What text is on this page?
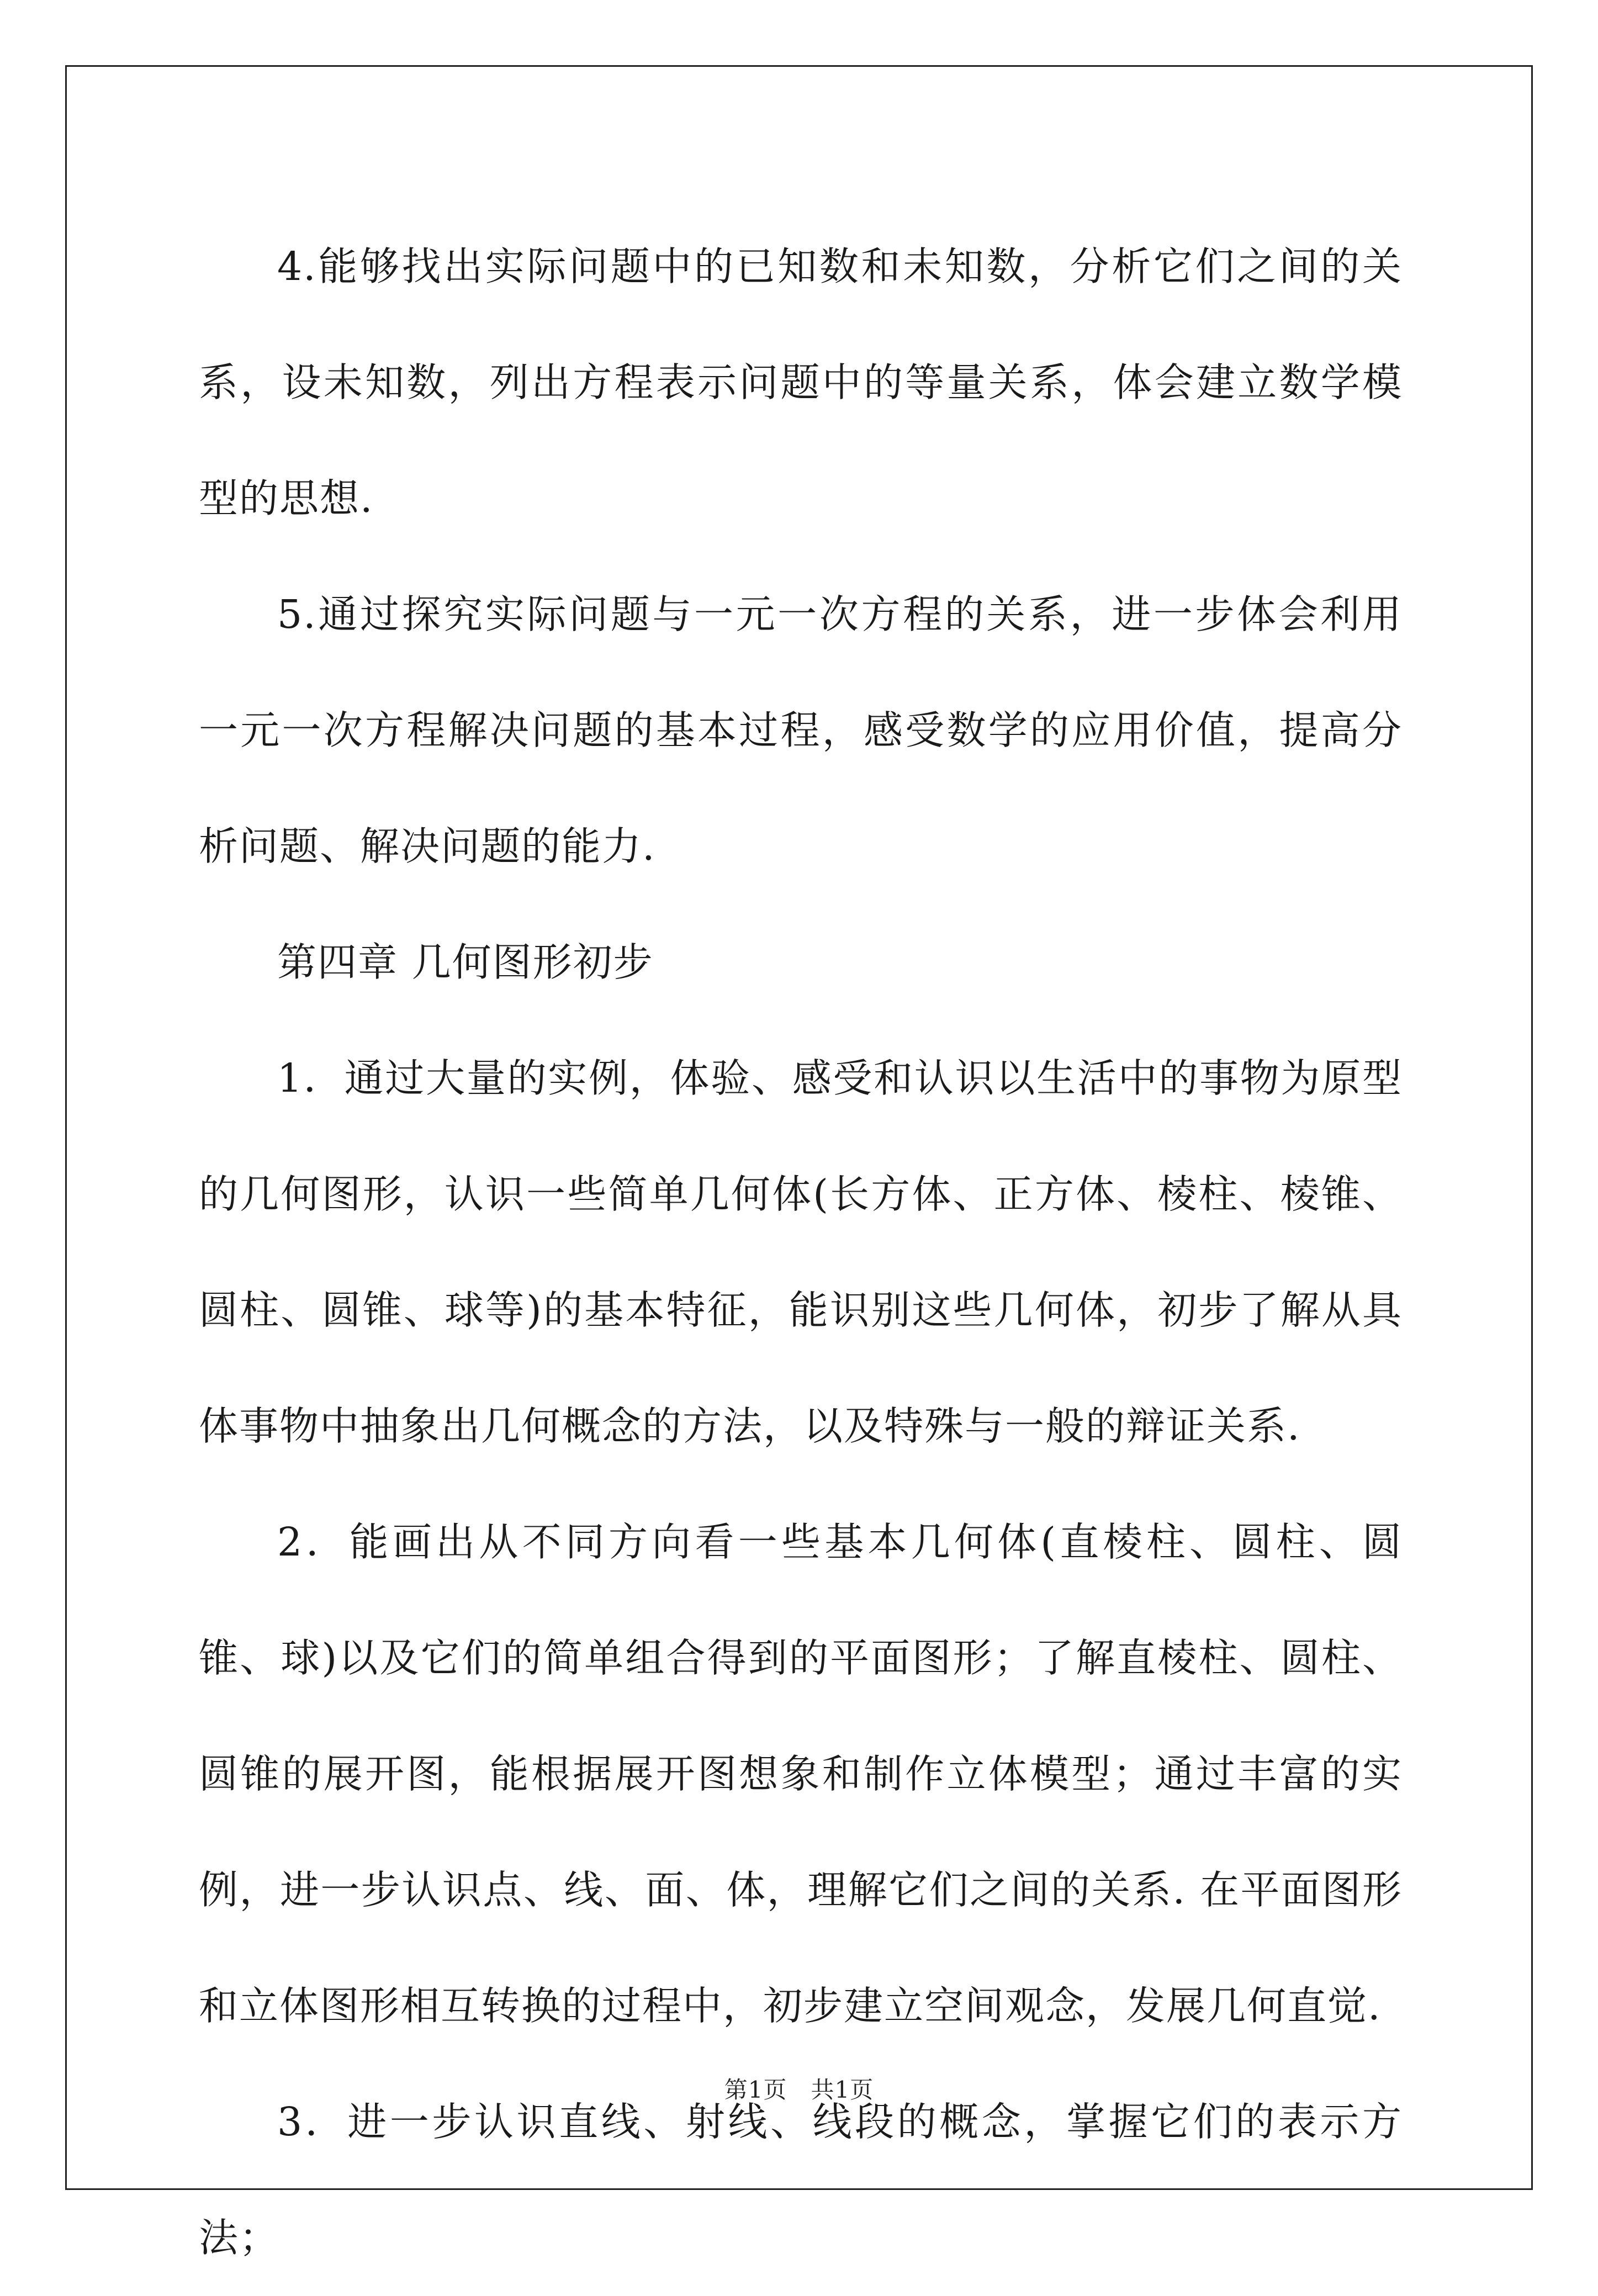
4.能够找出实际问题中的已知数和未知数，分析它们之间的关系，设未知数，列出方程表示问题中的等量关系，体会建立数学模型的思想.

5.通过探究实际问题与一元一次方程的关系，进一步体会利用一元一次方程解决问题的基本过程，感受数学的应用价值，提高分析问题、解决问题的能力.

第四章 几何图形初步

1．通过大量的实例，体验、感受和认识以生活中的事物为原型的几何图形，认识一些简单几何体(长方体、正方体、棱柱、棱锥、圆柱、圆锥、球等)的基本特征，能识别这些几何体，初步了解从具体事物中抽象出几何概念的方法，以及特殊与一般的辩证关系.

2．能画出从不同方向看一些基本几何体(直棱柱、圆柱、圆锥、球)以及它们的简单组合得到的平面图形；了解直棱柱、圆柱、圆锥的展开图，能根据展开图想象和制作立体模型；通过丰富的实例，进一步认识点、线、面、体，理解它们之间的关系. 在平面图形和立体图形相互转换的过程中，初步建立空间观念，发展几何直觉.

3．进一步认识直线、射线、线段的概念，掌握它们的表示方法；

第1页 共1页
